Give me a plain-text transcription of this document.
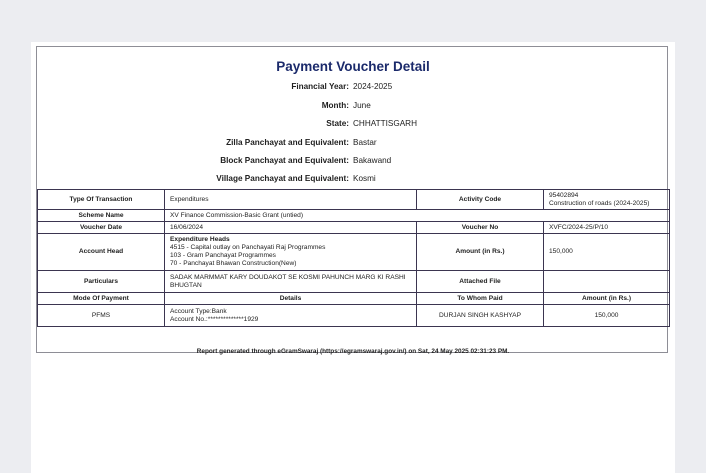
Payment Voucher Detail
Financial Year: 2024-2025
Month: June
State: CHHATTISGARH
Zilla Panchayat and Equivalent: Bastar
Block Panchayat and Equivalent: Bakawand
Village Panchayat and Equivalent: Kosmi
Type Of Transaction	Expenditures	Activity Code	95402894
Construction of roads (2024-2025)

Scheme Name	XV Finance Commission-Basic Grant (untied)		
Voucher Date	16/06/2024	Voucher No	XVFC/2024-25/P/10
Account Head	Expenditure Heads
4515 - Capital outlay on Panchayati Raj Programmes
103 - Gram Panchayat Programmes
70 - Panchayat Bhawan Construction(New)	Amount (in Rs.)	150,000
Particulars	SADAK MARMMAT KARY DOUDAKOT SE KOSMI PAHUNCH MARG KI RASHI BHUGTAN	Attached File	
Mode Of Payment	Details	To Whom Paid	Amount (in Rs.)
PFMS	Account Type:Bank
Account No.:**************1929	DURJAN SINGH KASHYAP	150,000
Report generated through eGramSwaraj (https://egramswaraj.gov.in/) on Sat, 24 May 2025 02:31:23 PM.
